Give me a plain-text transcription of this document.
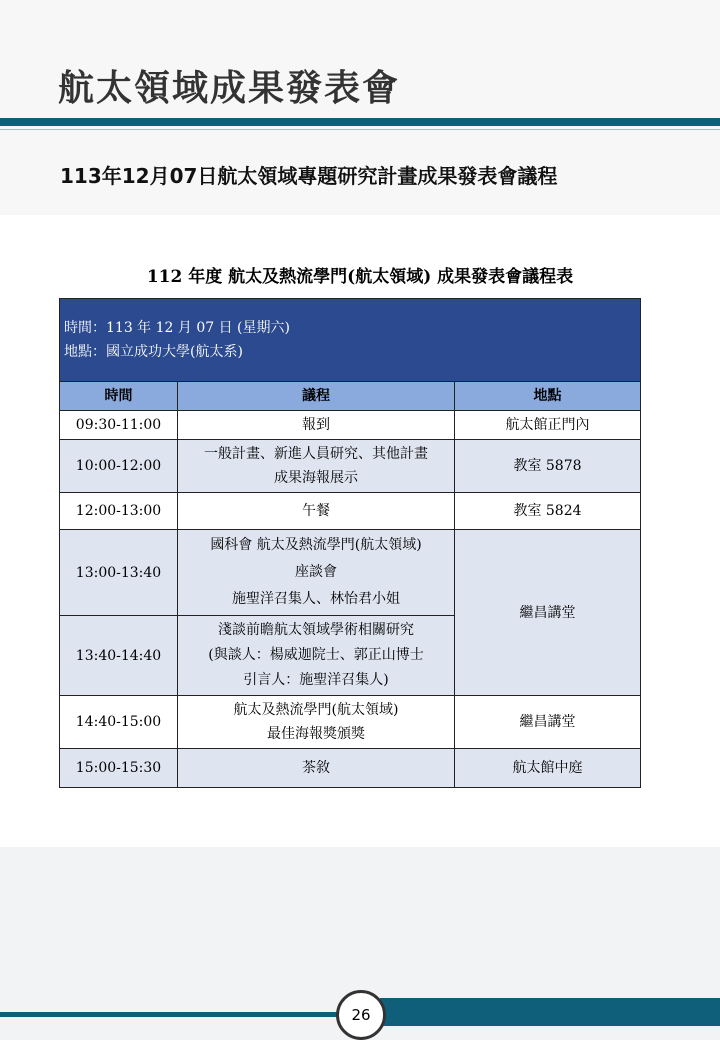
航太領域成果發表會
113年12月07日航太領域專題研究計畫成果發表會議程
112 年度 航太及熱流學門(航太領域) 成果發表會議程表
時間：113 年 12 月 07 日 (星期六)
地點：國立成功大學(航太系)		

時間	議程	地點
09:30-11:00	報到	航太館正門內
10:00-12:00	一般計畫、新進人員研究、其他計畫
成果海報展示	教室 5878
12:00-13:00	午餐	教室 5824
13:00-13:40	國科會 航太及熱流學門(航太領域)
座談會
施聖洋召集人、林怡君小姐	繼昌講堂
13:40-14:40	淺談前瞻航太領域學術相關研究
(與談人：楊威迦院士、郭正山博士
引言人：施聖洋召集人)	

14:40-15:00	航太及熱流學門(航太領域)
最佳海報獎頒獎	繼昌講堂
15:00-15:30	茶敘	航太館中庭
26
